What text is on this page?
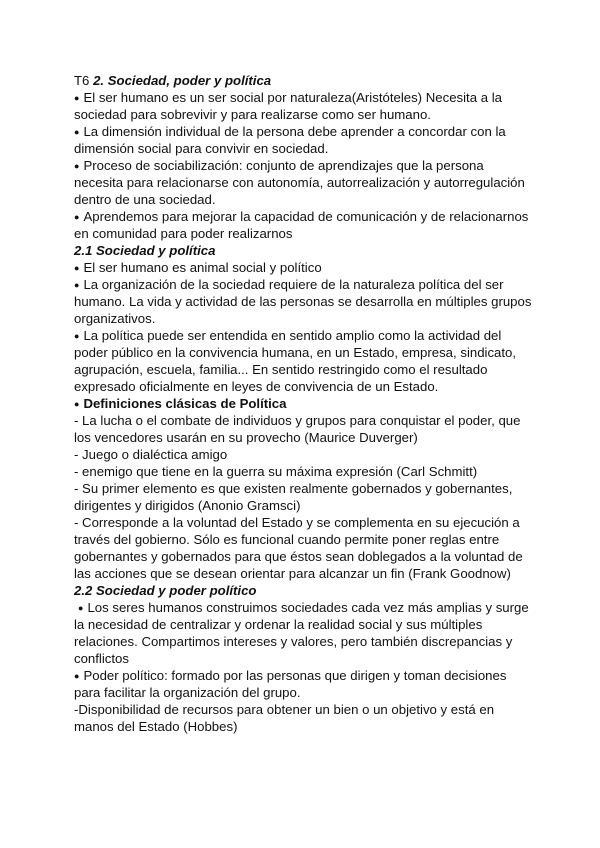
T6 2. Sociedad, poder y política
● El ser humano es un ser social por naturaleza(Aristóteles) Necesita a la
sociedad para sobrevivir y para realizarse como ser humano.
● La dimensión individual de la persona debe aprender a concordar con la
dimensión social para convivir en sociedad.
● Proceso de sociabilización: conjunto de aprendizajes que la persona
necesita para relacionarse con autonomía, autorrealización y autorregulación
dentro de una sociedad.
● Aprendemos para mejorar la capacidad de comunicación y de relacionarnos
en comunidad para poder realizarnos
2.1 Sociedad y política
● El ser humano es animal social y político
● La organización de la sociedad requiere de la naturaleza política del ser
humano. La vida y actividad de las personas se desarrolla en múltiples grupos
organizativos.
● La política puede ser entendida en sentido amplio como la actividad del
poder público en la convivencia humana, en un Estado, empresa, sindicato,
agrupación, escuela, familia... En sentido restringido como el resultado
expresado oficialmente en leyes de convivencia de un Estado.
● Definiciones clásicas de Política
- La lucha o el combate de individuos y grupos para conquistar el poder, que
los vencedores usarán en su provecho (Maurice Duverger)
- Juego o dialéctica amigo
- enemigo que tiene en la guerra su máxima expresión (Carl Schmitt)
- Su primer elemento es que existen realmente gobernados y gobernantes,
dirigentes y dirigidos (Anonio Gramsci)
- Corresponde a la voluntad del Estado y se complementa en su ejecución a
través del gobierno. Sólo es funcional cuando permite poner reglas entre
gobernantes y gobernados para que éstos sean doblegados a la voluntad de
las acciones que se desean orientar para alcanzar un fin (Frank Goodnow)
2.2 Sociedad y poder político
● Los seres humanos construimos sociedades cada vez más amplias y surge
la necesidad de centralizar y ordenar la realidad social y sus múltiples
relaciones. Compartimos intereses y valores, pero también discrepancias y
conflictos
● Poder político: formado por las personas que dirigen y toman decisiones
para facilitar la organización del grupo.
-Disponibilidad de recursos para obtener un bien o un objetivo y está en
manos del Estado (Hobbes)
